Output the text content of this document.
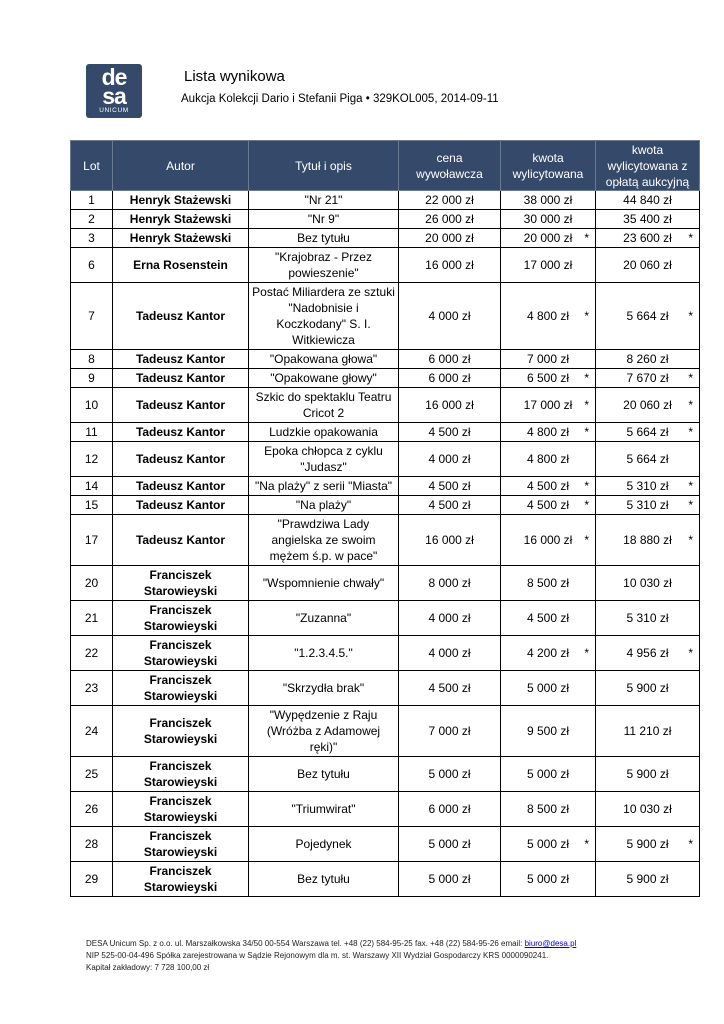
de
sa
UNICUM
Lista wynikowa
Aukcja Kolekcji Dario i Stefanii Piga • 329KOL005, 2014-09-11
Lot	Autor	Tytuł i opis	cena wywoławcza	kwota wylicytowana	kwota wylicytowana z opłatą aukcyjną
1	Henryk Stażewski	"Nr 21"	22 000 zł	38 000 zł	44 840 zł

2	Henryk Stażewski	"Nr 9"	26 000 zł	30 000 zł	35 400 zł

3	Henryk Stażewski	Bez tytułu	20 000 zł	20 000 zł *	23 600 zł *

6	Erna Rosenstein	"Krajobraz - Przez powieszenie"	16 000 zł	17 000 zł	20 060 zł

7	Tadeusz Kantor	Postać Miliardera ze sztuki "Nadobnisie i Koczkodany" S. I. Witkiewicza	4 000 zł	4 800 zł *	5 664 zł *

8	Tadeusz Kantor	"Opakowana głowa"	6 000 zł	7 000 zł	8 260 zł

9	Tadeusz Kantor	"Opakowane głowy"	6 000 zł	6 500 zł *	7 670 zł *

10	Tadeusz Kantor	Szkic do spektaklu Teatru Cricot 2	16 000 zł	17 000 zł *	20 060 zł *

11	Tadeusz Kantor	Ludzkie opakowania	4 500 zł	4 800 zł *	5 664 zł *

12	Tadeusz Kantor	Epoka chłopca z cyklu "Judasz"	4 000 zł	4 800 zł	5 664 zł

14	Tadeusz Kantor	"Na plaży" z serii "Miasta"	4 500 zł	4 500 zł *	5 310 zł *

15	Tadeusz Kantor	"Na plaży"	4 500 zł	4 500 zł *	5 310 zł *

17	Tadeusz Kantor	"Prawdziwa Lady angielska ze swoim mężem ś.p. w pace"	16 000 zł	16 000 zł *	18 880 zł *

20	Franciszek Starowieyski	"Wspomnienie chwały"	8 000 zł	8 500 zł	10 030 zł

21	Franciszek Starowieyski	"Zuzanna"	4 000 zł	4 500 zł	5 310 zł

22	Franciszek Starowieyski	"1.2.3.4.5."	4 000 zł	4 200 zł *	4 956 zł *

23	Franciszek Starowieyski	"Skrzydła brak"	4 500 zł	5 000 zł	5 900 zł

24	Franciszek Starowieyski	"Wypędzenie z Raju (Wróżba z Adamowej ręki)"	7 000 zł	9 500 zł	11 210 zł

25	Franciszek Starowieyski	Bez tytułu	5 000 zł	5 000 zł	5 900 zł

26	Franciszek Starowieyski	"Triumwirat"	6 000 zł	8 500 zł	10 030 zł

28	Franciszek Starowieyski	Pojedynek	5 000 zł	5 000 zł *	5 900 zł *

29	Franciszek Starowieyski	Bez tytułu	5 000 zł	5 000 zł	5 900 zł
DESA Unicum Sp. z o.o. ul. Marszałkowska 34/50 00-554 Warszawa tel. +48 (22) 584-95-25 fax. +48 (22) 584-95-26 email: biuro@desa.pl
NIP 525-00-04-496 Spółka zarejestrowana w Sądzie Rejonowym dla m. st. Warszawy XII Wydział Gospodarczy KRS 0000090241.
Kapitał zakładowy: 7 728 100,00 zł
